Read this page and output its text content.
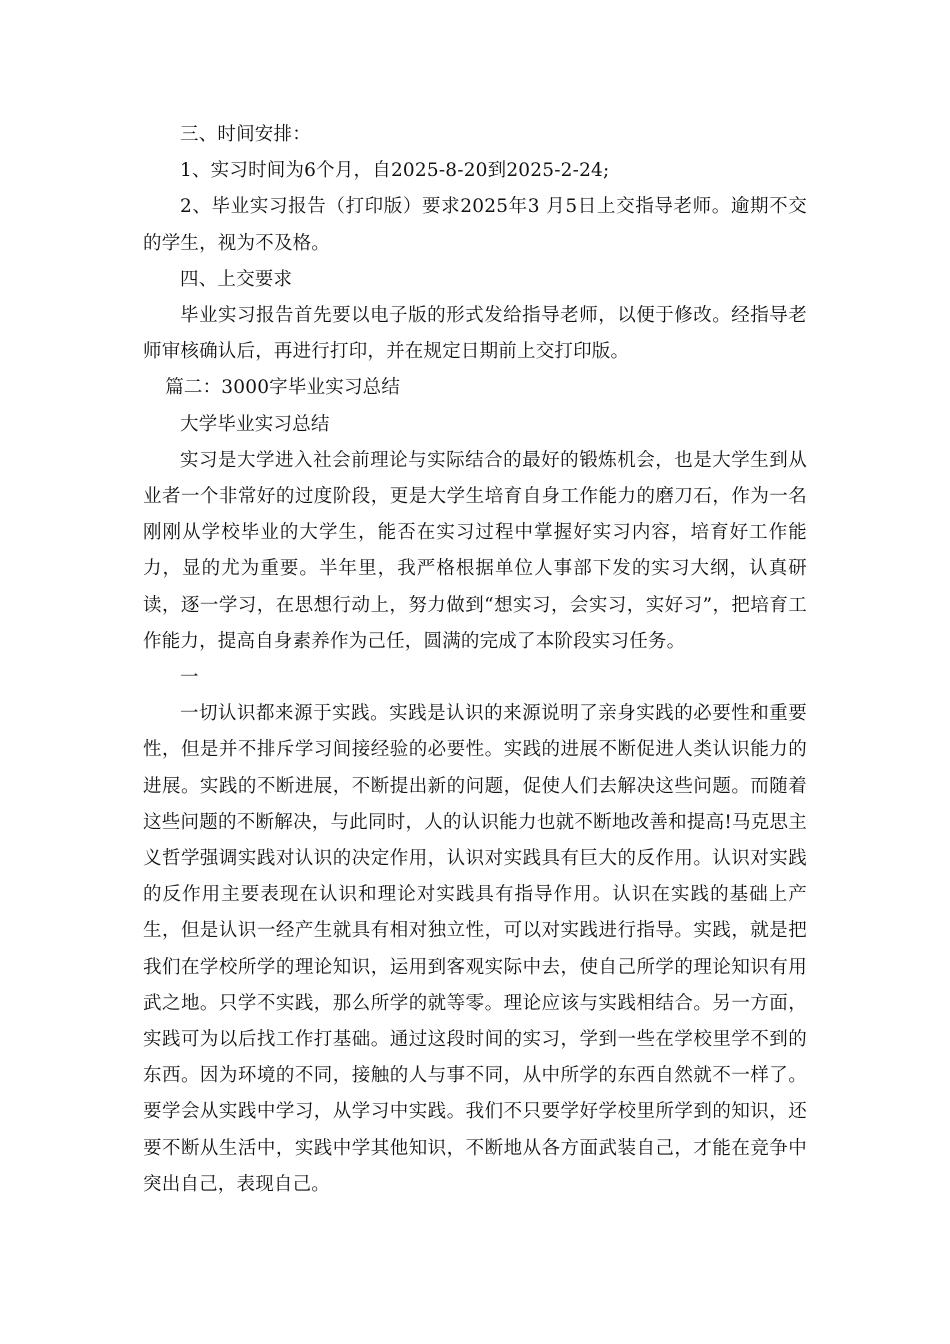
三、时间安排：

1、实习时间为6个月，自2025-8-20到2025-2-24;

2、毕业实习报告（打印版）要求2025年3 月5日上交指导老师。逾期不交的学生，视为不及格。

四、上交要求

毕业实习报告首先要以电子版的形式发给指导老师，以便于修改。经指导老师审核确认后，再进行打印，并在规定日期前上交打印版。

篇二：3000字毕业实习总结

大学毕业实习总结

实习是大学进入社会前理论与实际结合的最好的锻炼机会，也是大学生到从业者一个非常好的过度阶段，更是大学生培育自身工作能力的磨刀石，作为一名刚刚从学校毕业的大学生，能否在实习过程中掌握好实习内容，培育好工作能力，显的尤为重要。半年里，我严格根据单位人事部下发的实习大纲，认真研读，逐一学习，在思想行动上，努力做到“想实习，会实习，实好习”，把培育工作能力，提高自身素养作为己任，圆满的完成了本阶段实习任务。

一

一切认识都来源于实践。实践是认识的来源说明了亲身实践的必要性和重要性，但是并不排斥学习间接经验的必要性。实践的进展不断促进人类认识能力的进展。实践的不断进展，不断提出新的问题，促使人们去解决这些问题。而随着这些问题的不断解决，与此同时，人的认识能力也就不断地改善和提高!马克思主义哲学强调实践对认识的决定作用，认识对实践具有巨大的反作用。认识对实践的反作用主要表现在认识和理论对实践具有指导作用。认识在实践的基础上产生，但是认识一经产生就具有相对独立性，可以对实践进行指导。实践，就是把我们在学校所学的理论知识，运用到客观实际中去，使自己所学的理论知识有用武之地。只学不实践，那么所学的就等零。理论应该与实践相结合。另一方面，实践可为以后找工作打基础。通过这段时间的实习，学到一些在学校里学不到的东西。因为环境的不同，接触的人与事不同，从中所学的东西自然就不一样了。要学会从实践中学习，从学习中实践。我们不只要学好学校里所学到的知识，还要不断从生活中，实践中学其他知识，不断地从各方面武装自己，才能在竞争中突出自己，表现自己。
